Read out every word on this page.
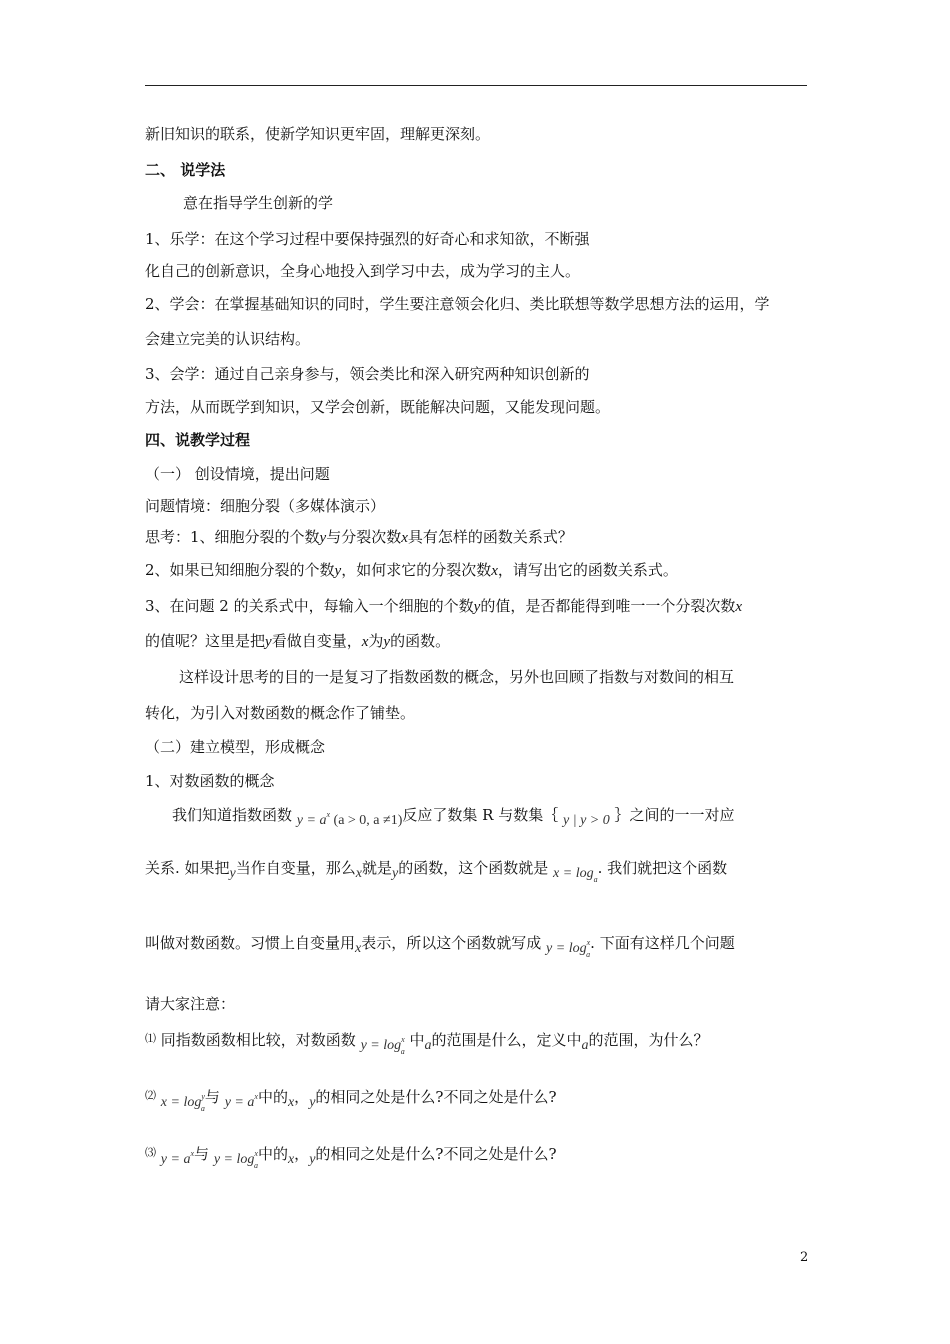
新旧知识的联系，使新学知识更牢固，理解更深刻。
二、 说学法
意在指导学生创新的学
1、乐学：在这个学习过程中要保持强烈的好奇心和求知欲，不断强
化自己的创新意识，全身心地投入到学习中去，成为学习的主人。
2、学会：在掌握基础知识的同时，学生要注意领会化归、类比联想等数学思想方法的运用，学
会建立完美的认识结构。
3、会学：通过自己亲身参与，领会类比和深入研究两种知识创新的
方法，从而既学到知识，又学会创新，既能解决问题，又能发现问题。
四、说教学过程
（一） 创设情境，提出问题
问题情境：细胞分裂（多媒体演示）
思考：1、细胞分裂的个数y与分裂次数x具有怎样的函数关系式？
2、如果已知细胞分裂的个数y，如何求它的分裂次数x，请写出它的函数关系式。
3、在问题 2 的关系式中，每输入一个细胞的个数y的值，是否都能得到唯一一个分裂次数x
的值呢？这里是把y看做自变量，x为y的函数。
这样设计思考的目的一是复习了指数函数的概念，另外也回顾了指数与对数间的相互
转化，为引入对数函数的概念作了铺垫。
（二）建立模型，形成概念
1、对数函数的概念
我们知道指数函数 $y = a^x$ (a > 0, a ≠1)反应了数集 R 与数集｛ y | y > 0 ｝之间的一一对应
关系. 如果把y当作自变量，那么x就是y的函数，这个函数就是 $x = \log_a$. 我们就把这个函数
叫做对数函数。习惯上自变量用x表示，所以这个函数就写成 $y = \log^x_a$. 下面有这样几个问题
请大家注意：
⑴ 同指数函数相比较，对数函数 $y = \log^x_a$ 中a的范围是什么，定义中a的范围，为什么？
⑵ $x = \log^y_a$与 $y = a^x$中的x，y的相同之处是什么?不同之处是什么?
⑶ $y = a^x$与 $y = \log^x_a$中的x，y的相同之处是什么?不同之处是什么?
2
